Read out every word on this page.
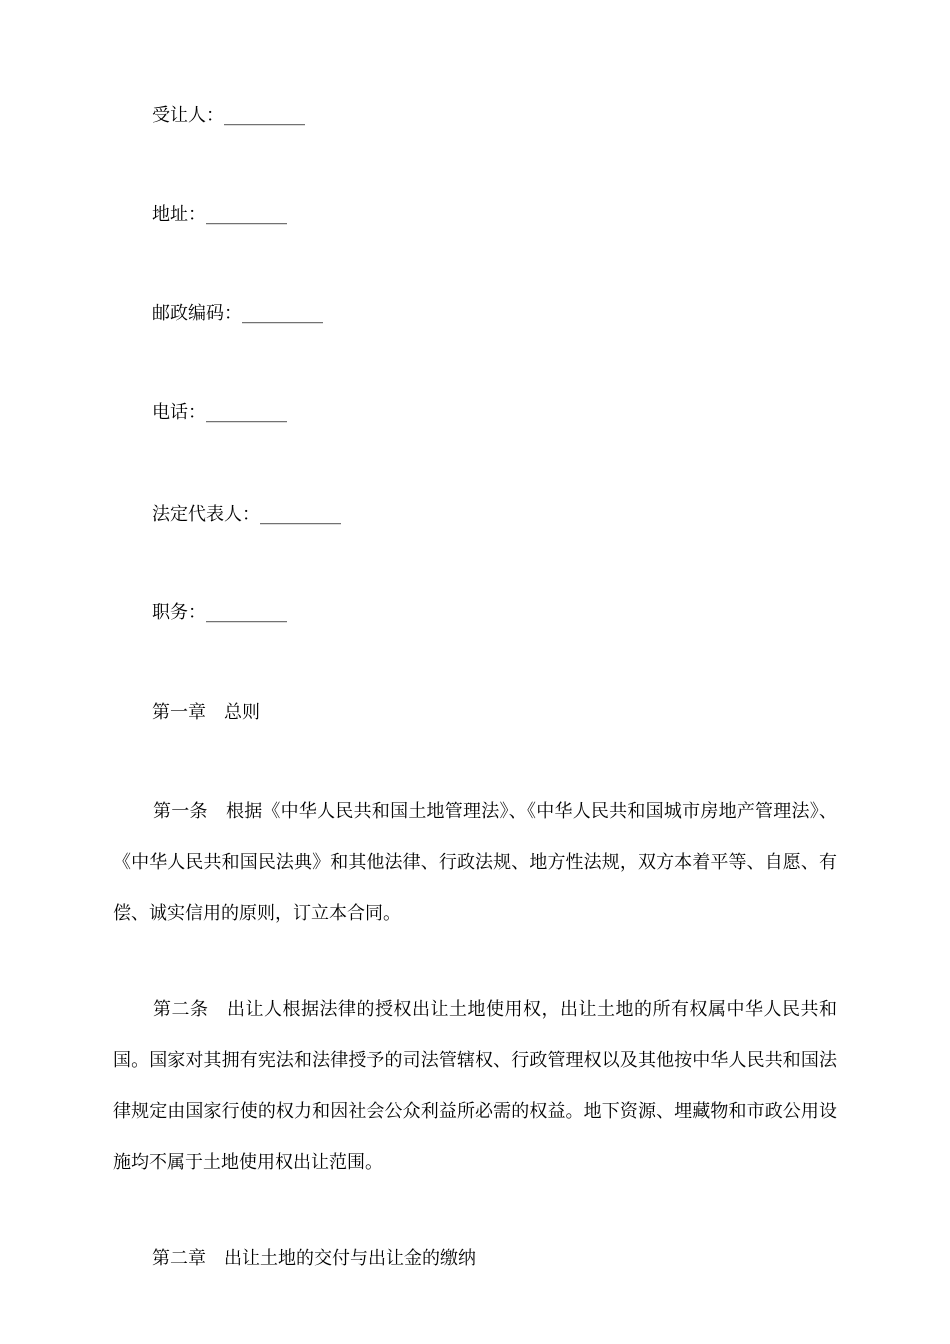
受让人：_________
地址：_________
邮政编码：_________
电话：_________
法定代表人：_________
职务：_________
第一章 总则
第一条 根据《中华人民共和国土地管理法》、《中华人民共和国城市房地产管理法》、《中华人民共和国民法典》和其他法律、行政法规、地方性法规，双方本着平等、自愿、有偿、诚实信用的原则，订立本合同。
第二条 出让人根据法律的授权出让土地使用权，出让土地的所有权属中华人民共和国。国家对其拥有宪法和法律授予的司法管辖权、行政管理权以及其他按中华人民共和国法律规定由国家行使的权力和因社会公众利益所必需的权益。地下资源、埋藏物和市政公用设施均不属于土地使用权出让范围。
第二章 出让土地的交付与出让金的缴纳
